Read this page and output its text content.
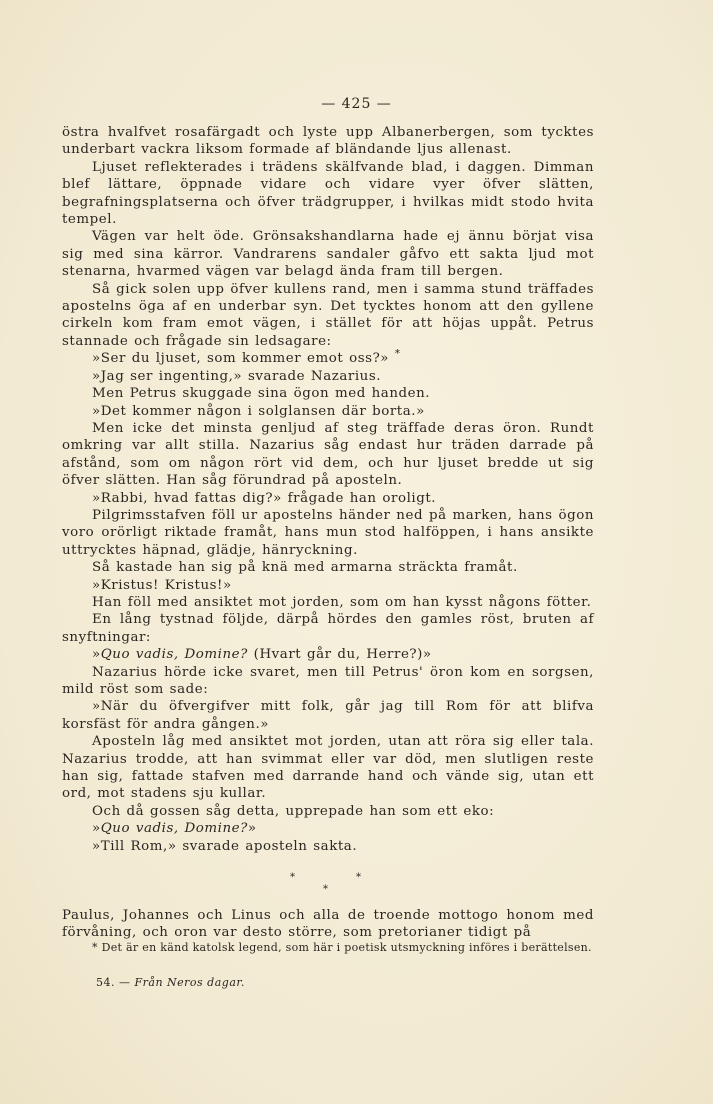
— 425 —

östra hvalfvet rosafärgadt och lyste upp Albanerbergen, som tycktes underbart vackra liksom formade af bländande ljus allenast.

Ljuset reflekterades i trädens skälfvande blad, i daggen. Dimman blef lättare, öppnade vidare och vidare vyer öfver slätten, begrafningsplatserna och öfver trädgrupper, i hvilkas midt stodo hvita tempel.

Vägen var helt öde. Grönsakshandlarna hade ej ännu börjat visa sig med sina kärror. Vandrarens sandaler gåfvo ett sakta ljud mot stenarna, hvarmed vägen var belagd ända fram till bergen.

Så gick solen upp öfver kullens rand, men i samma stund träffades apostelns öga af en underbar syn. Det tycktes honom att den gyllene cirkeln kom fram emot vägen, i stället för att höjas uppåt. Petrus stannade och frågade sin ledsagare:

»Ser du ljuset, som kommer emot oss?» *

»Jag ser ingenting,» svarade Nazarius.

Men Petrus skuggade sina ögon med handen.

»Det kommer någon i solglansen där borta.»

Men icke det minsta genljud af steg träffade deras öron. Rundt omkring var allt stilla. Nazarius såg endast hur träden darrade på afstånd, som om någon rört vid dem, och hur ljuset bredde ut sig öfver slätten. Han såg förundrad på aposteln.

»Rabbi, hvad fattas dig?» frågade han oroligt.

Pilgrimsstafven föll ur apostelns händer ned på marken, hans ögon voro orörligt riktade framåt, hans mun stod halföppen, i hans ansikte uttrycktes häpnad, glädje, hänryckning.

Så kastade han sig på knä med armarna sträckta framåt.

»Kristus! Kristus!»

Han föll med ansiktet mot jorden, som om han kysst någons fötter.

En lång tystnad följde, därpå hördes den gamles röst, bruten af snyftningar:

»Quo vadis, Domine? (Hvart går du, Herre?)»

Nazarius hörde icke svaret, men till Petrus' öron kom en sorgsen, mild röst som sade:

»När du öfvergifver mitt folk, går jag till Rom för att blifva korsfäst för andra gången.»

Aposteln låg med ansiktet mot jorden, utan att röra sig eller tala. Nazarius trodde, att han svimmat eller var död, men slutligen reste han sig, fattade stafven med darrande hand och vände sig, utan ett ord, mot stadens sju kullar.

Och då gossen såg detta, upprepade han som ett eko:

»Quo vadis, Domine?»

»Till Rom,» svarade aposteln sakta.

*	*
*

Paulus, Johannes och Linus och alla de troende mottogo honom med förvåning, och oron var desto större, som pretorianer tidigt på

* Det är en känd katolsk legend, som här i poetisk utsmyckning införes i berättelsen.

54. — Från Neros dagar.
